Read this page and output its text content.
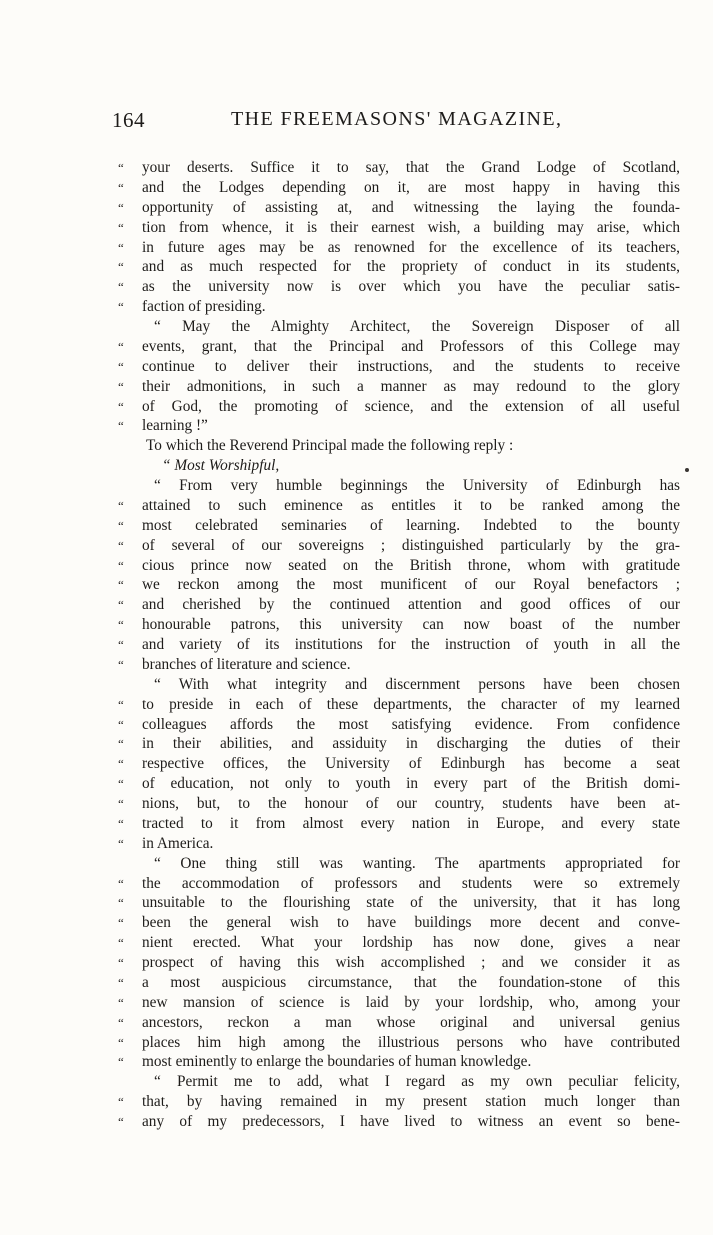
164	THE FREEMASONS' MAGAZINE,
“	your deserts. Suffice it to say, that the Grand Lodge of Scotland,
“	and the Lodges depending on it, are most happy in having this
“	opportunity of assisting at, and witnessing the laying the founda-
“	tion from whence, it is their earnest wish, a building may arise, which
“	in future ages may be as renowned for the excellence of its teachers,
“	and as much respected for the propriety of conduct in its students,
“	as the university now is over which you have the peculiar satis-
“	faction of presiding.
“ May the Almighty Architect, the Sovereign Disposer of all
“	events, grant, that the Principal and Professors of this College may
“	continue to deliver their instructions, and the students to receive
“	their admonitions, in such a manner as may redound to the glory
“	of God, the promoting of science, and the extension of all useful
“	learning !”
To which the Reverend Principal made the following reply :
“ Most Worshipful,
“ From very humble beginnings the University of Edinburgh has
“	attained to such eminence as entitles it to be ranked among the
“	most celebrated seminaries of learning. Indebted to the bounty
“	of several of our sovereigns ; distinguished particularly by the gra-
“	cious prince now seated on the British throne, whom with gratitude
“	we reckon among the most munificent of our Royal benefactors ;
“	and cherished by the continued attention and good offices of our
“	honourable patrons, this university can now boast of the number
“	and variety of its institutions for the instruction of youth in all the
“	branches of literature and science.
“ With what integrity and discernment persons have been chosen
“	to preside in each of these departments, the character of my learned
“	colleagues affords the most satisfying evidence. From confidence
“	in their abilities, and assiduity in discharging the duties of their
“	respective offices, the University of Edinburgh has become a seat
“	of education, not only to youth in every part of the British domi-
“	nions, but, to the honour of our country, students have been at-
“	tracted to it from almost every nation in Europe, and every state
“	in America.
“ One thing still was wanting. The apartments appropriated for
“	the accommodation of professors and students were so extremely
“	unsuitable to the flourishing state of the university, that it has long
“	been the general wish to have buildings more decent and conve-
“	nient erected. What your lordship has now done, gives a near
“	prospect of having this wish accomplished ; and we consider it as
“	a most auspicious circumstance, that the foundation-stone of this
“	new mansion of science is laid by your lordship, who, among your
“	ancestors, reckon a man whose original and universal genius
“	places him high among the illustrious persons who have contributed
“	most eminently to enlarge the boundaries of human knowledge.
“ Permit me to add, what I regard as my own peculiar felicity,
“	that, by having remained in my present station much longer than
“	any of my predecessors, I have lived to witness an event so bene-
